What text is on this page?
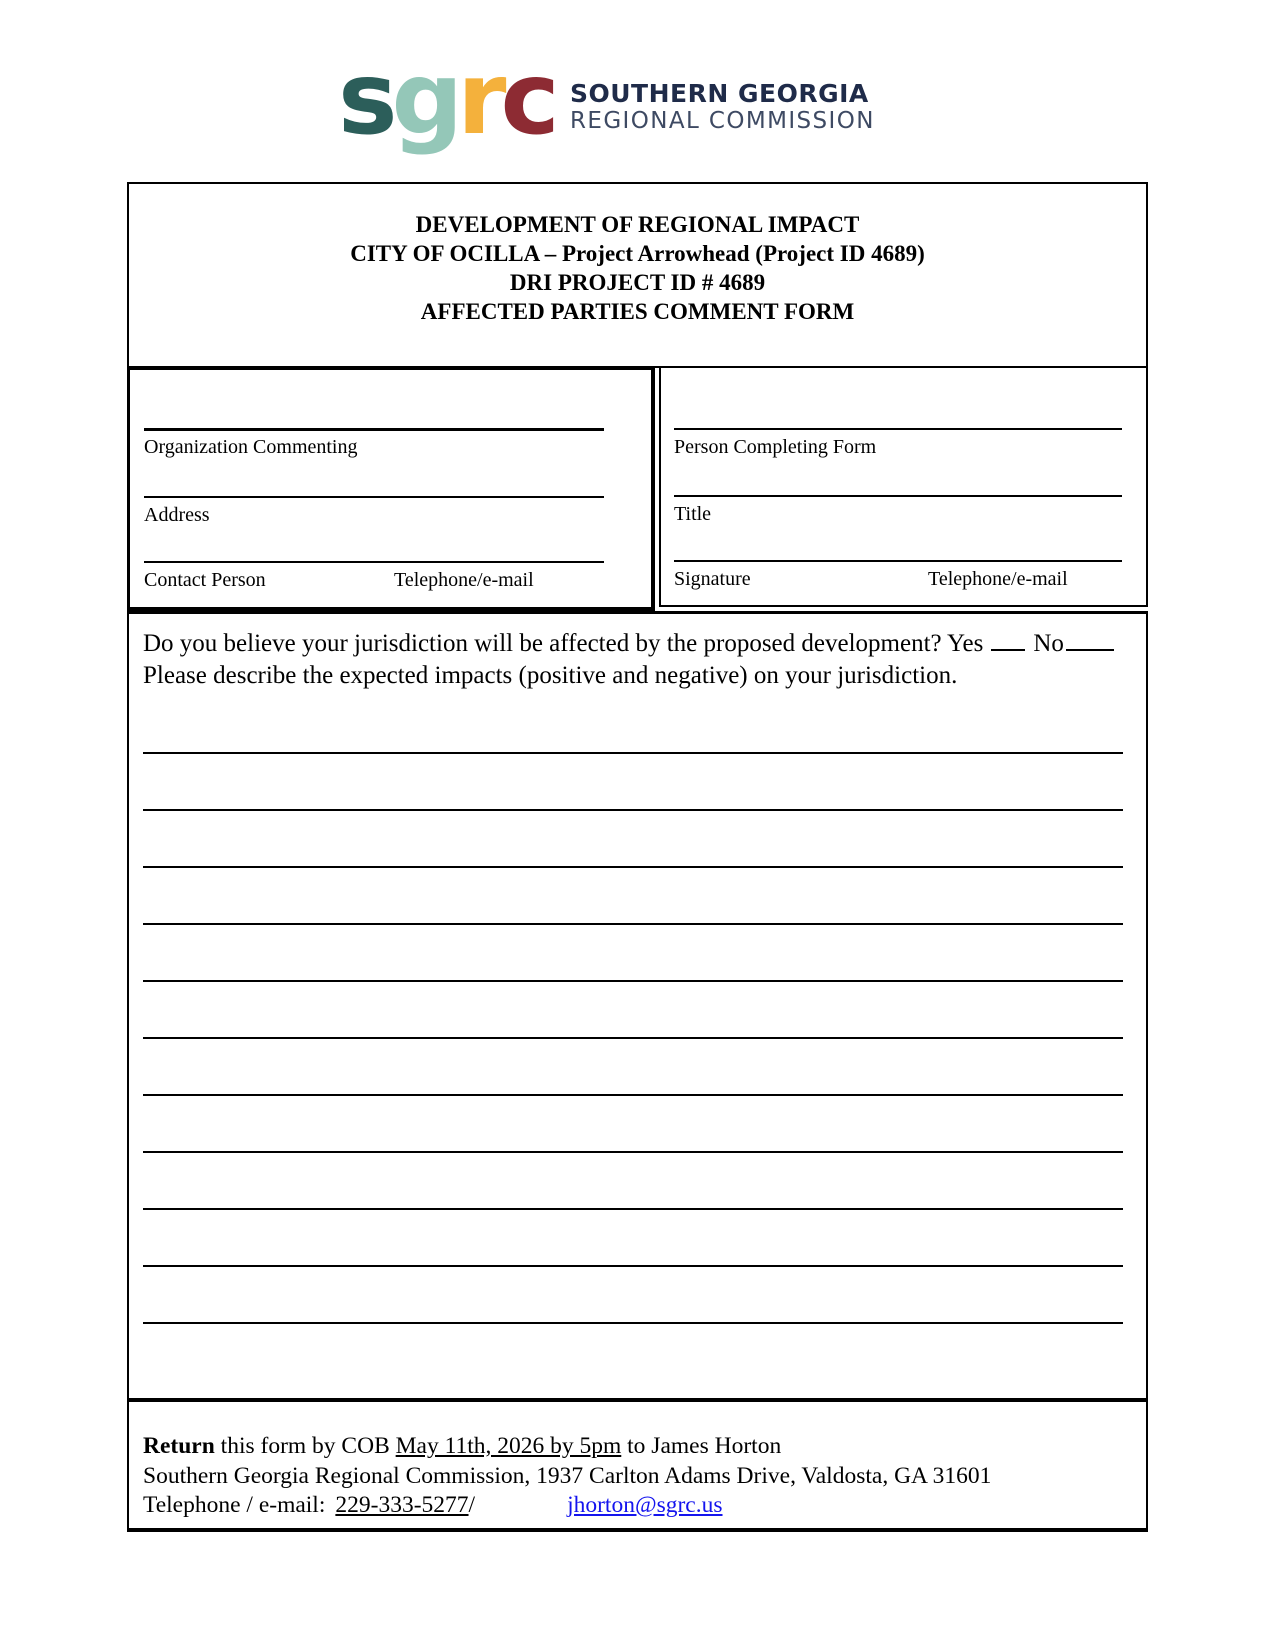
sgrc SOUTHERN GEORGIA
REGIONAL COMMISSION
DEVELOPMENT OF REGIONAL IMPACT
CITY OF OCILLA – Project Arrowhead (Project ID 4689)
DRI PROJECT ID # 4689
AFFECTED PARTIES COMMENT FORM
Organization Commenting
Address
Contact Person	Telephone/e-mail
Person Completing Form
Title
Signature	Telephone/e-mail
Do you believe your jurisdiction will be affected by the proposed development? Yes No
Please describe the expected impacts (positive and negative) on your jurisdiction.
Return this form by COB May 11th, 2026 by 5pm to James Horton
Southern Georgia Regional Commission, 1937 Carlton Adams Drive, Valdosta, GA 31601
Telephone / e-mail: 229-333-5277/	jhorton@sgrc.us
